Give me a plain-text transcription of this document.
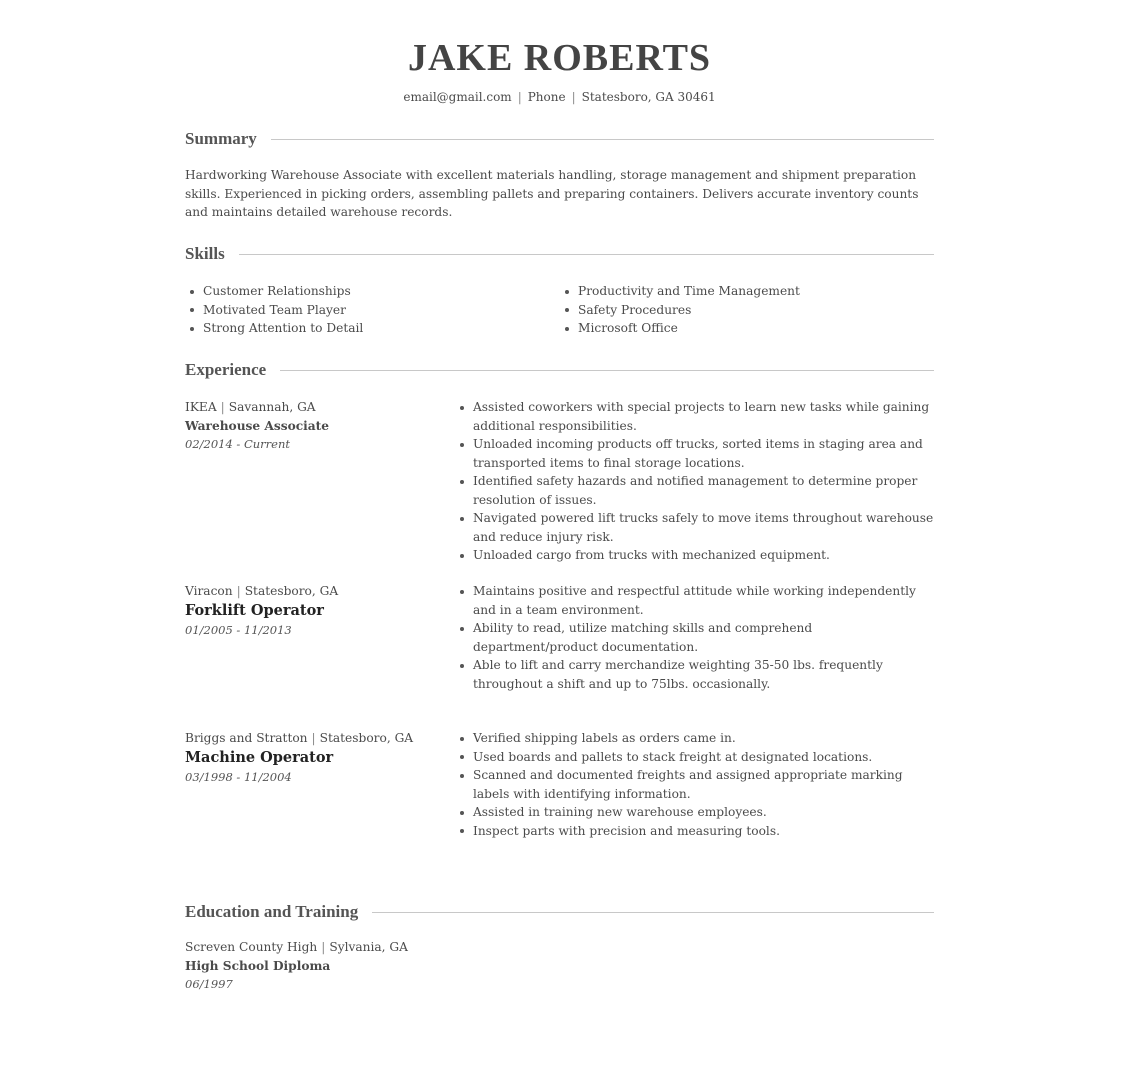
JAKE ROBERTS
email@gmail.com | Phone | Statesboro, GA 30461
Summary

Hardworking Warehouse Associate with excellent materials handling, storage management and shipment preparation skills. Experienced in picking orders, assembling pallets and preparing containers. Delivers accurate inventory counts and maintains detailed warehouse records.

Skills
Customer Relationships
Motivated Team Player
Strong Attention to Detail
Productivity and Time Management
Safety Procedures
Microsoft Office
Experience
IKEA | Savannah, GA
Warehouse Associate
02/2014 - Current
Assisted coworkers with special projects to learn new tasks while gaining additional responsibilities.
Unloaded incoming products off trucks, sorted items in staging area and transported items to final storage locations.
Identified safety hazards and notified management to determine proper resolution of issues.
Navigated powered lift trucks safely to move items throughout warehouse and reduce injury risk.
Unloaded cargo from trucks with mechanized equipment.
Viracon | Statesboro, GA
Forklift Operator
01/2005 - 11/2013
Maintains positive and respectful attitude while working independently and in a team environment.
Ability to read, utilize matching skills and comprehend department/product documentation.
Able to lift and carry merchandize weighting 35-50 lbs. frequently throughout a shift and up to 75lbs. occasionally.
Briggs and Stratton | Statesboro, GA
Machine Operator
03/1998 - 11/2004
Verified shipping labels as orders came in.
Used boards and pallets to stack freight at designated locations.
Scanned and documented freights and assigned appropriate marking labels with identifying information.
Assisted in training new warehouse employees.
Inspect parts with precision and measuring tools.
Education and Training
Screven County High | Sylvania, GA
High School Diploma
06/1997
